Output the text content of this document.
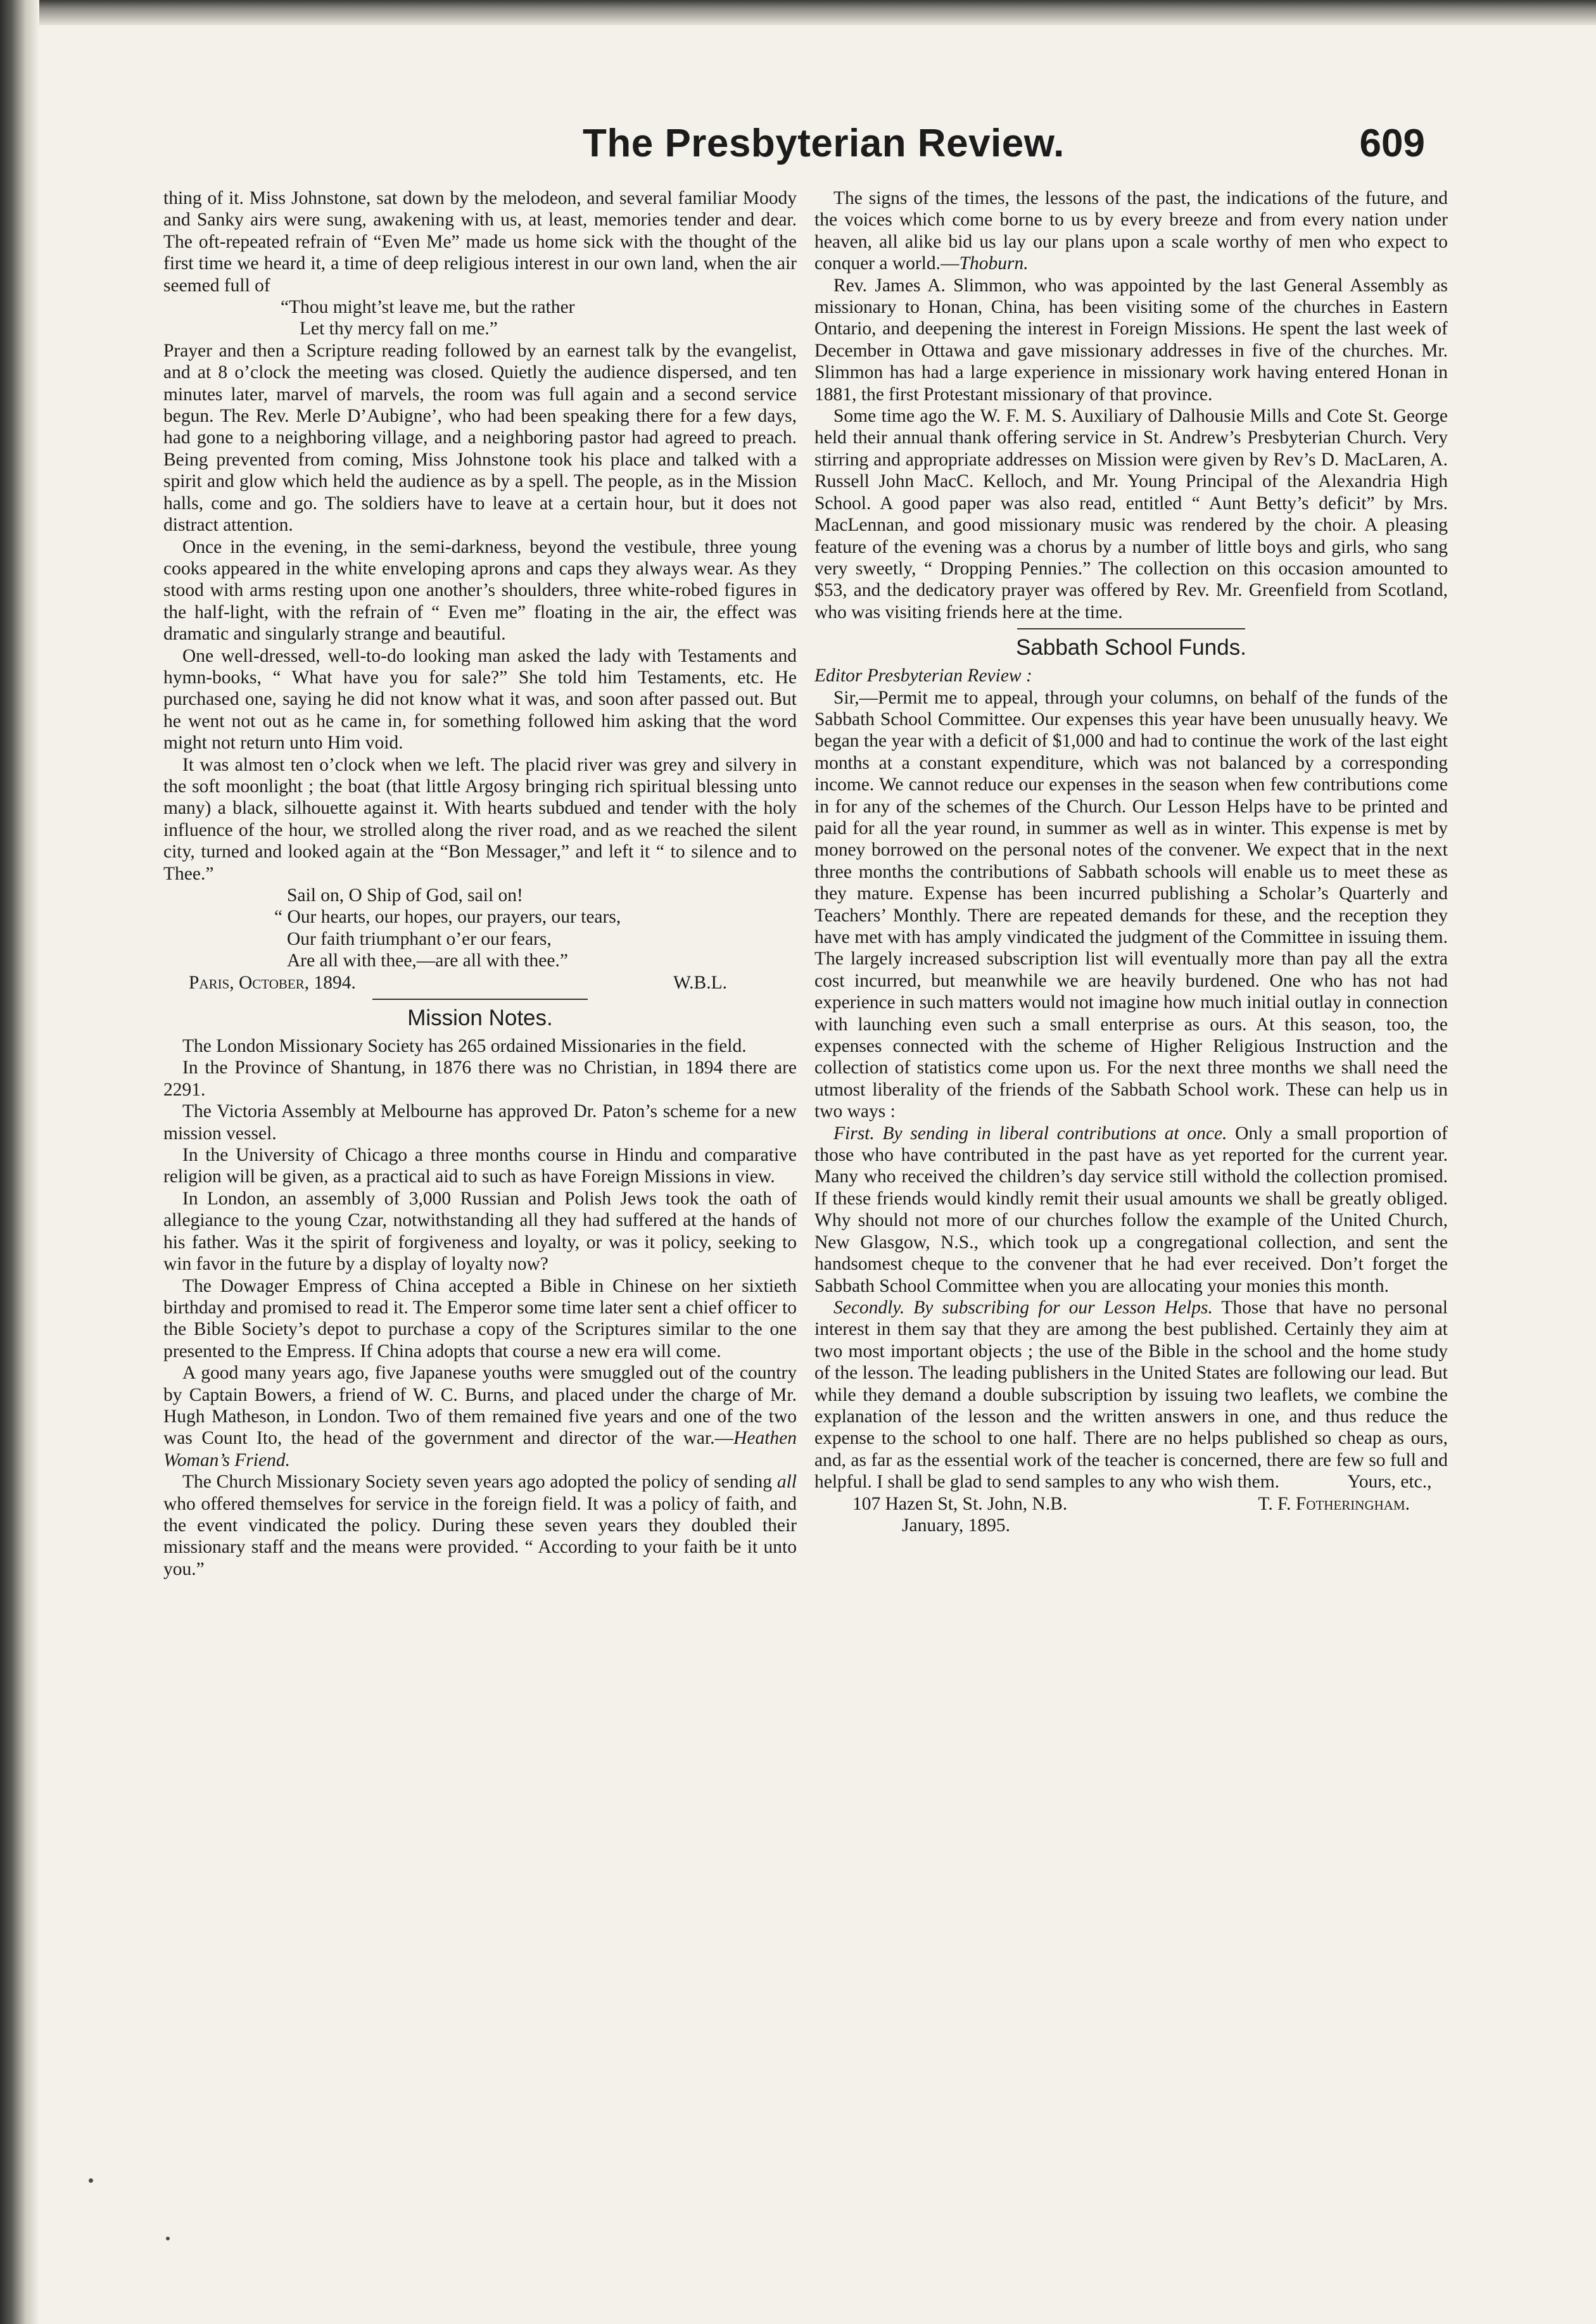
The Presbyterian Review.	609

thing of it. Miss Johnstone, sat down by the melodeon, and several familiar Moody and Sanky airs were sung, awakening with us, at least, memories tender and dear. The oft-repeated refrain of “Even Me” made us home sick with the thought of the first time we heard it, a time of deep religious interest in our own land, when the air seemed full of

“Thou might’st leave me, but the rather

Let thy mercy fall on me.”

Prayer and then a Scripture reading followed by an earnest talk by the evangelist, and at 8 o’clock the meeting was closed. Quietly the audience dispersed, and ten minutes later, marvel of marvels, the room was full again and a second service begun. The Rev. Merle D’Aubigne’, who had been speaking there for a few days, had gone to a neighboring village, and a neighboring pastor had agreed to preach. Being prevented from coming, Miss Johnstone took his place and talked with a spirit and glow which held the audience as by a spell. The people, as in the Mission halls, come and go. The soldiers have to leave at a certain hour, but it does not distract attention.

Once in the evening, in the semi-darkness, beyond the vestibule, three young cooks appeared in the white enveloping aprons and caps they always wear. As they stood with arms resting upon one another’s shoulders, three white-robed figures in the half-light, with the refrain of “ Even me” floating in the air, the effect was dramatic and singularly strange and beautiful.

One well-dressed, well-to-do looking man asked the lady with Testaments and hymn-books, “ What have you for sale?” She told him Testaments, etc. He purchased one, saying he did not know what it was, and soon after passed out. But he went not out as he came in, for something followed him asking that the word might not return unto Him void.

It was almost ten o’clock when we left. The placid river was grey and silvery in the soft moonlight ; the boat (that little Argosy bringing rich spiritual blessing unto many) a black, silhouette against it. With hearts subdued and tender with the holy influence of the hour, we strolled along the river road, and as we reached the silent city, turned and looked again at the “Bon Messager,” and left it “ to silence and to Thee.”

Sail on, O Ship of God, sail on!

“ Our hearts, our hopes, our prayers, our tears,

Our faith triumphant o’er our fears,

Are all with thee,—are all with thee.”

Paris, October, 1894.	W.B.L.
Mission Notes.

The London Missionary Society has 265 ordained Missionaries in the field.

In the Province of Shantung, in 1876 there was no Christian, in 1894 there are 2291.

The Victoria Assembly at Melbourne has approved Dr. Paton’s scheme for a new mission vessel.

In the University of Chicago a three months course in Hindu and comparative religion will be given, as a practical aid to such as have Foreign Missions in view.

In London, an assembly of 3,000 Russian and Polish Jews took the oath of allegiance to the young Czar, notwithstanding all they had suffered at the hands of his father. Was it the spirit of forgiveness and loyalty, or was it policy, seeking to win favor in the future by a display of loyalty now?

The Dowager Empress of China accepted a Bible in Chinese on her sixtieth birthday and promised to read it. The Emperor some time later sent a chief officer to the Bible Society’s depot to purchase a copy of the Scriptures similar to the one presented to the Empress. If China adopts that course a new era will come.

A good many years ago, five Japanese youths were smuggled out of the country by Captain Bowers, a friend of W. C. Burns, and placed under the charge of Mr. Hugh Matheson, in London. Two of them remained five years and one of the two was Count Ito, the head of the government and director of the war.—Heathen Woman’s Friend.

The Church Missionary Society seven years ago adopted the policy of sending all who offered themselves for service in the foreign field. It was a policy of faith, and the event vindicated the policy. During these seven years they doubled their missionary staff and the means were provided. “ According to your faith be it unto you.”

The signs of the times, the lessons of the past, the indications of the future, and the voices which come borne to us by every breeze and from every nation under heaven, all alike bid us lay our plans upon a scale worthy of men who expect to conquer a world.—Thoburn.

Rev. James A. Slimmon, who was appointed by the last General Assembly as missionary to Honan, China, has been visiting some of the churches in Eastern Ontario, and deepening the interest in Foreign Missions. He spent the last week of December in Ottawa and gave missionary addresses in five of the churches. Mr. Slimmon has had a large experience in missionary work having entered Honan in 1881, the first Protestant missionary of that province.

Some time ago the W. F. M. S. Auxiliary of Dalhousie Mills and Cote St. George held their annual thank offering service in St. Andrew’s Presbyterian Church. Very stirring and appropriate addresses on Mission were given by Rev’s D. MacLaren, A. Russell John MacC. Kelloch, and Mr. Young Principal of the Alexandria High School. A good paper was also read, entitled “ Aunt Betty’s deficit” by Mrs. MacLennan, and good missionary music was rendered by the choir. A pleasing feature of the evening was a chorus by a number of little boys and girls, who sang very sweetly, “ Dropping Pennies.” The collection on this occasion amounted to $53, and the dedicatory prayer was offered by Rev. Mr. Greenfield from Scotland, who was visiting friends here at the time.

Sabbath School Funds.

Editor Presbyterian Review :

Sir,—Permit me to appeal, through your columns, on behalf of the funds of the Sabbath School Committee. Our expenses this year have been unusually heavy. We began the year with a deficit of $1,000 and had to continue the work of the last eight months at a constant expenditure, which was not balanced by a corresponding income. We cannot reduce our expenses in the season when few contributions come in for any of the schemes of the Church. Our Lesson Helps have to be printed and paid for all the year round, in summer as well as in winter. This expense is met by money borrowed on the personal notes of the convener. We expect that in the next three months the contributions of Sabbath schools will enable us to meet these as they mature. Expense has been incurred publishing a Scholar’s Quarterly and Teachers’ Monthly. There are repeated demands for these, and the reception they have met with has amply vindicated the judgment of the Committee in issuing them. The largely increased subscription list will eventually more than pay all the extra cost incurred, but meanwhile we are heavily burdened. One who has not had experience in such matters would not imagine how much initial outlay in connection with launching even such a small enterprise as ours. At this season, too, the expenses connected with the scheme of Higher Religious Instruction and the collection of statistics come upon us. For the next three months we shall need the utmost liberality of the friends of the Sabbath School work. These can help us in two ways :

First. By sending in liberal contributions at once. Only a small proportion of those who have contributed in the past have as yet reported for the current year. Many who received the children’s day service still withold the collection promised. If these friends would kindly remit their usual amounts we shall be greatly obliged. Why should not more of our churches follow the example of the United Church, New Glasgow, N.S., which took up a congregational collection, and sent the handsomest cheque to the convener that he had ever received. Don’t forget the Sabbath School Committee when you are allocating your monies this month.

Secondly. By subscribing for our Lesson Helps. Those that have no personal interest in them say that they are among the best published. Certainly they aim at two most important objects ; the use of the Bible in the school and the home study of the lesson. The leading publishers in the United States are following our lead. But while they demand a double subscription by issuing two leaflets, we combine the explanation of the lesson and the written answers in one, and thus reduce the expense to the school to one half. There are no helps published so cheap as ours, and, as far as the essential work of the teacher is concerned, there are few so full and helpful. I shall be glad to send samples to any who wish them.	Yours, etc.,

107 Hazen St, St. John, N.B.	T. F. Fotheringham.

January, 1895.
